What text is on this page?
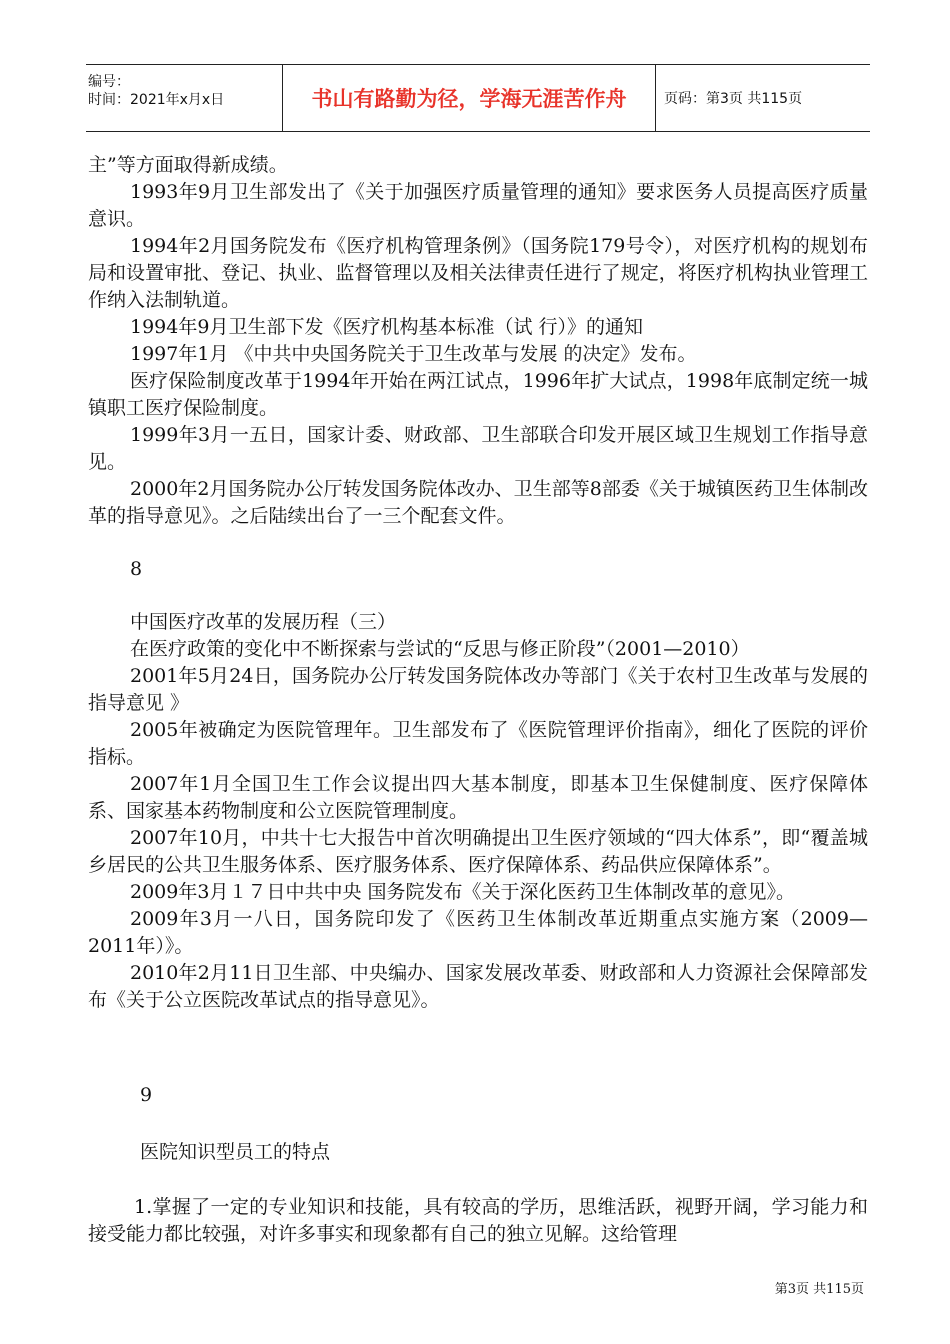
编号：
时间：2021年x月x日	书山有路勤为径，学海无涯苦作舟	页码：第3页 共115页

主”等方面取得新成绩。

1993年9月卫生部发出了《关于加强医疗质量管理的通知》要求医务人员提高医疗质量意识。

1994年2月国务院发布《医疗机构管理条例》（国务院179号令），对医疗机构的规划布局和设置审批、登记、执业、监督管理以及相关法律责任进行了规定，将医疗机构执业管理工作纳入法制轨道。

1994年9月卫生部下发《医疗机构基本标准（试 行）》的通知

1997年1月 《中共中央国务院关于卫生改革与发展 的决定》发布。

医疗保险制度改革于1994年开始在两江试点，1996年扩大试点，1998年底制定统一城镇职工医疗保险制度。

1999年3月一五日，国家计委、财政部、卫生部联合印发开展区域卫生规划工作指导意见。

2000年2月国务院办公厅转发国务院体改办、卫生部等8部委《关于城镇医药卫生体制改革的指导意见》。之后陆续出台了一三个配套文件。

8

中国医疗改革的发展历程（三）

在医疗政策的变化中不断探索与尝试的“反思与修正阶段”（2001—2010）

2001年5月24日，国务院办公厅转发国务院体改办等部门《关于农村卫生改革与发展的指导意见 》

2005年被确定为医院管理年。卫生部发布了《医院管理评价指南》，细化了医院的评价指标。

2007年1月全国卫生工作会议提出四大基本制度，即基本卫生保健制度、医疗保障体系、国家基本药物制度和公立医院管理制度。

2007年10月，中共十七大报告中首次明确提出卫生医疗领域的“四大体系”，即“覆盖城乡居民的公共卫生服务体系、医疗服务体系、医疗保障体系、药品供应保障体系”。

2009年3月１７日中共中央 国务院发布《关于深化医药卫生体制改革的意见》。

2009年3月一八日，国务院印发了《医药卫生体制改革近期重点实施方案（2009—2011年）》。

2010年2月11日卫生部、中央编办、国家发展改革委、财政部和人力资源社会保障部发布《关于公立医院改革试点的指导意见》。

9

医院知识型员工的特点

1.掌握了一定的专业知识和技能，具有较高的学历，思维活跃，视野开阔，学习能力和接受能力都比较强，对许多事实和现象都有自己的独立见解。这给管理

第3页 共115页
